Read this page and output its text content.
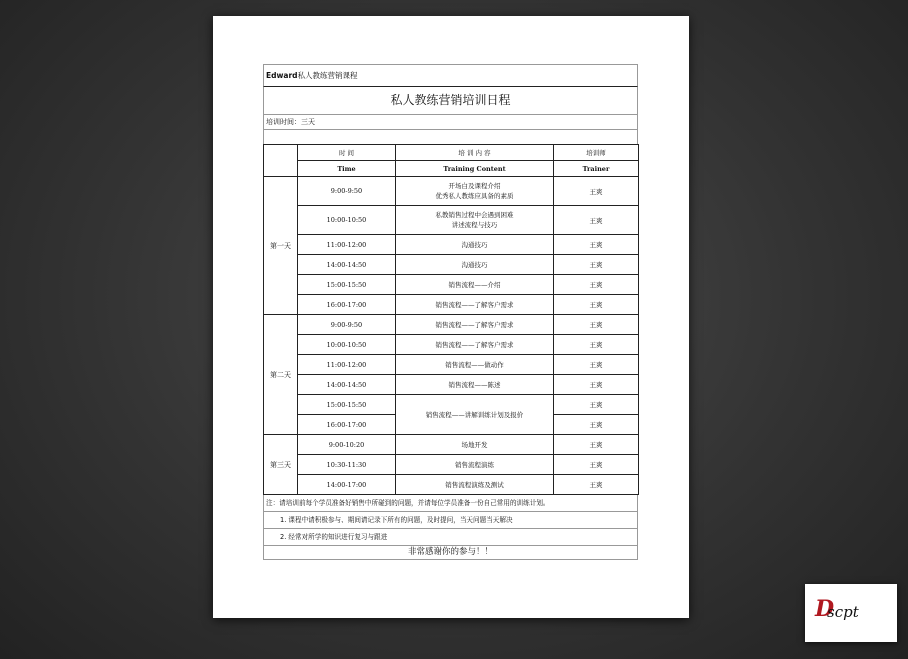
Edward私人教练营销课程
私人教练营销培训日程
培训时间：三天
	时 间	培 训 内 容	培训师
	Time	Training Content	Trainer
第一天	9:00-9:50	开场白及课程介绍
优秀私人教练应具备的素质	王爽
	10:00-10:50	私教销售过程中会遇到困难
讲述流程与技巧	王爽
	11:00-12:00	沟通技巧	王爽
	14:00-14:50	沟通技巧	王爽
	15:00-15:50	销售流程——介绍	王爽
	16:00-17:00	销售流程——了解客户需求	王爽
第二天	9:00-9:50	销售流程——了解客户需求	王爽
	10:00-10:50	销售流程——了解客户需求	王爽
	11:00-12:00	销售流程——做动作	王爽
	14:00-14:50	销售流程——陈述	王爽
	15:00-15:50	销售流程——讲解训练计划及报价	王爽
	16:00-17:00		王爽
第三天	9:00-10:20	场地开发	王爽
	10:30-11:30	销售流程演练	王爽
	14:00-17:00	销售流程演练及测试	王爽
注：请培训前每个学员准备好销售中所碰到的问题，并请每位学员准备一份自己常用的训练计划。
1. 课程中请积极参与、期间请记录下所有的问题，及时提问，当天问题当天解决
2. 经常对所学的知识进行复习与跟进
非常感谢你的参与！！
D
scpt
